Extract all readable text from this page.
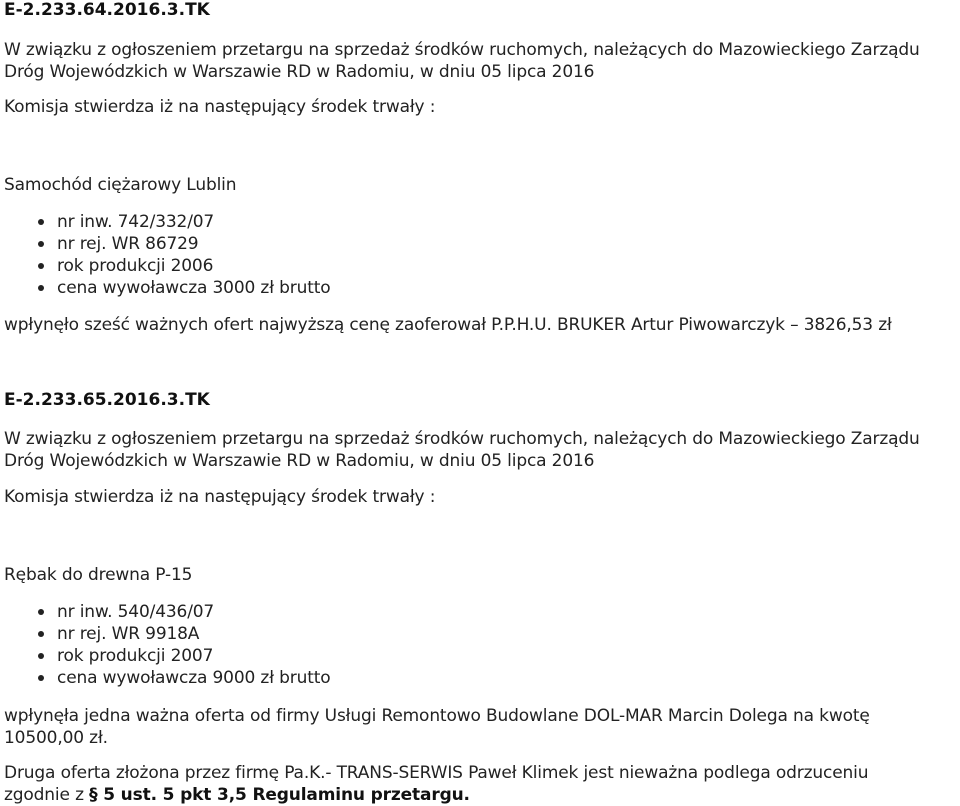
E-2.233.64.2016.3.TK
W związku z ogłoszeniem przetargu na sprzedaż środków ruchomych, należących do Mazowieckiego Zarządu
Dróg Wojewódzkich w Warszawie RD w Radomiu, w dniu 05 lipca 2016
Komisja stwierdza iż na następujący środek trwały :
Samochód ciężarowy Lublin
nr inw. 742/332/07
nr rej. WR 86729
rok produkcji 2006
cena wywoławcza 3000 zł brutto
wpłynęło sześć ważnych ofert najwyższą cenę zaoferował P.P.H.U. BRUKER Artur Piwowarczyk – 3826,53 zł
E-2.233.65.2016.3.TK
W związku z ogłoszeniem przetargu na sprzedaż środków ruchomych, należących do Mazowieckiego Zarządu
Dróg Wojewódzkich w Warszawie RD w Radomiu, w dniu 05 lipca 2016
Komisja stwierdza iż na następujący środek trwały :
Rębak do drewna P-15
nr inw. 540/436/07
nr rej. WR 9918A
rok produkcji 2007
cena wywoławcza 9000 zł brutto
wpłynęła jedna ważna oferta od firmy Usługi Remontowo Budowlane DOL-MAR Marcin Dolega na kwotę
10500,00 zł.
Druga oferta złożona przez firmę Pa.K.- TRANS-SERWIS Paweł Klimek jest nieważna podlega odrzuceniu
zgodnie z § 5 ust. 5 pkt 3,5 Regulaminu przetargu.
